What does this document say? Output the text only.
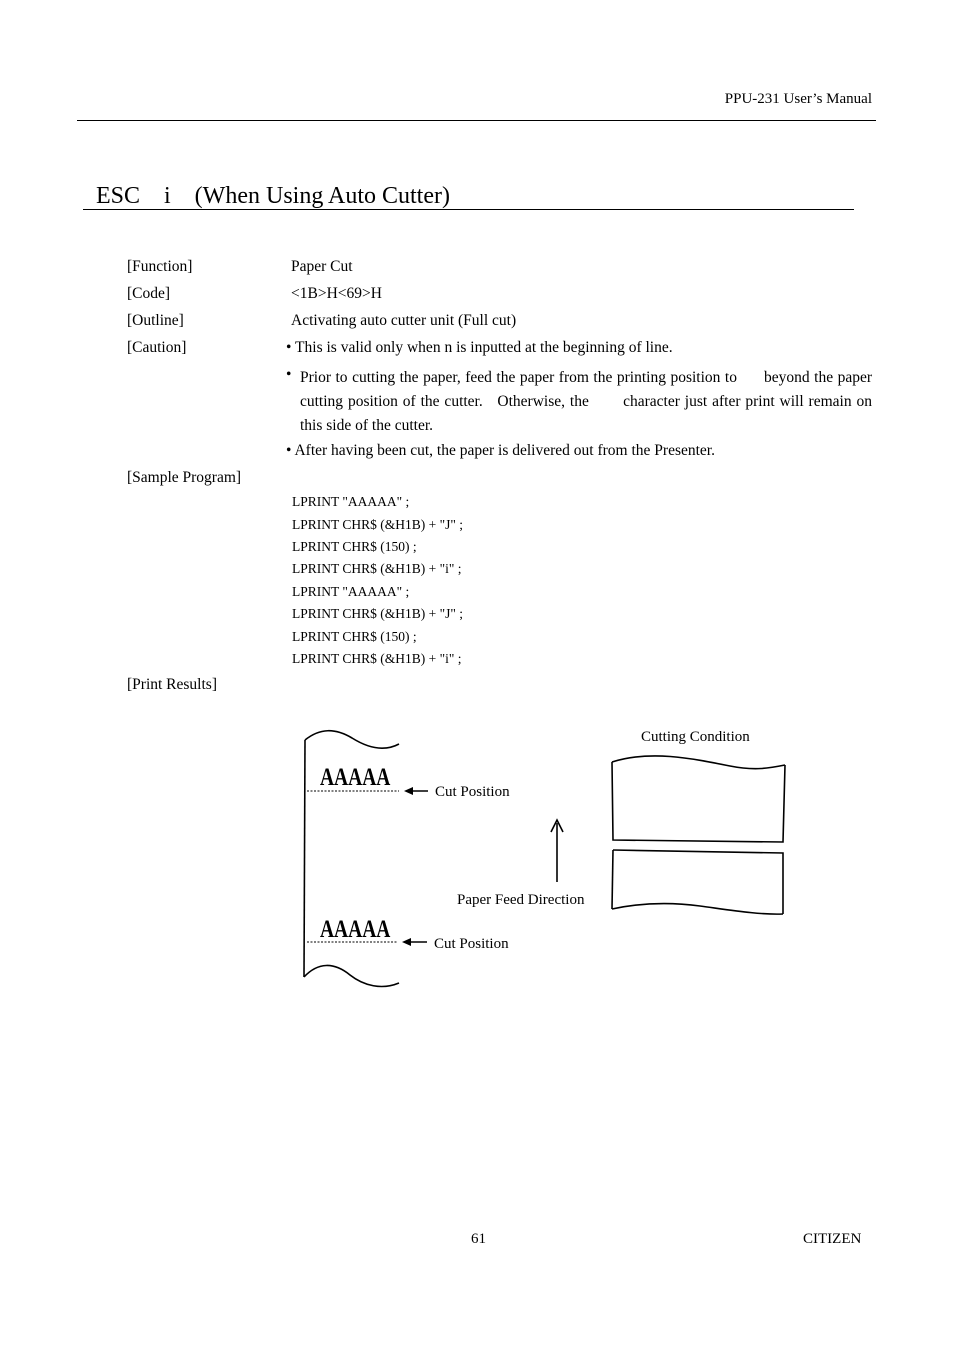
PPU-231 User’s Manual
ESC    i    (When Using Auto Cutter)
[Function]	Paper Cut
[Code]	<1B>H<69>H
[Outline]	Activating auto cutter unit (Full cut)
[Caution]	• This is valid only when n is inputted at the beginning of line.
• Prior to cutting the paper, feed the paper from the printing position to      beyond the paper cutting position of the cutter.   Otherwise, the       character just after print will remain on this side of the cutter.
• After having been cut, the paper is delivered out from the Presenter.
[Sample Program]
LPRINT "AAAAA" ;
LPRINT CHR$ (&H1B) + "J" ;
LPRINT CHR$ (150) ;
LPRINT CHR$ (&H1B) + "i" ;
LPRINT "AAAAA" ;
LPRINT CHR$ (&H1B) + "J" ;
LPRINT CHR$ (150) ;
LPRINT CHR$ (&H1B) + "i" ;
[Print Results]
AAAAA
AAAAA
Cut Position
Cut Position
Paper Feed Direction
Cutting Condition
61	CITIZEN
